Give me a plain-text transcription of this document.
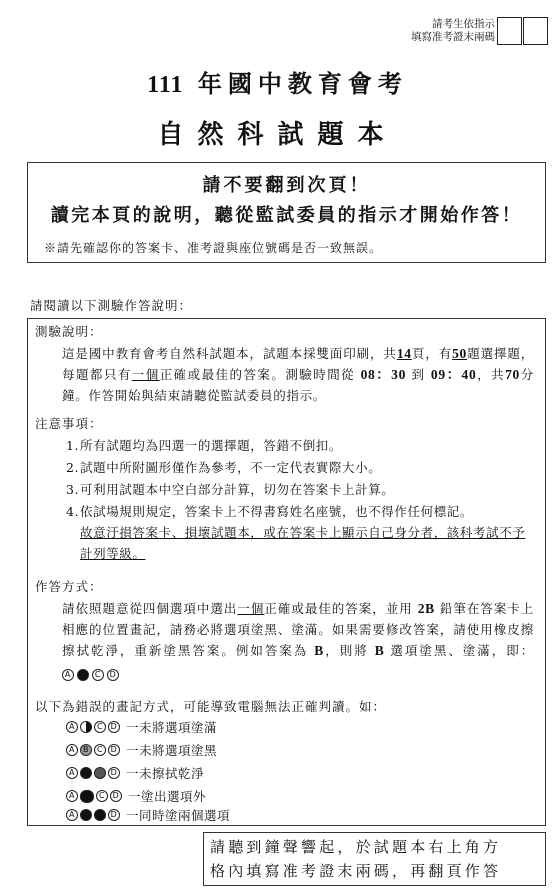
請考生依指示
填寫准考證末兩碼
111 年國中教育會考
自然科試題本
請不要翻到次頁！
讀完本頁的說明，聽從監試委員的指示才開始作答！
※請先確認你的答案卡、准考證與座位號碼是否一致無誤。
請閱讀以下測驗作答說明：
測驗說明：
這是國中教育會考自然科試題本，試題本採雙面印刷，共14頁，有50題選擇題，每題都只有一個正確或最佳的答案。測驗時間從 08：30 到 09：40，共70分鐘。作答開始與結束請聽從監試委員的指示。
注意事項：
1.所有試題均為四選一的選擇題，答錯不倒扣。
2.試題中所附圖形僅作為參考，不一定代表實際大小。
3.可利用試題本中空白部分計算，切勿在答案卡上計算。
4.依試場規則規定，答案卡上不得書寫姓名座號，也不得作任何標記。
故意汙損答案卡、損壞試題本，或在答案卡上顯示自己身分者，該科考試不予計列等級。
作答方式：
請依照題意從四個選項中選出一個正確或最佳的答案，並用 2B 鉛筆在答案卡上相應的位置畫記，請務必將選項塗黑、塗滿。如果需要修改答案，請使用橡皮擦擦拭乾淨，重新塗黑答案。例如答案為 B，則將 B 選項塗黑、塗滿，即：
A	C	D
以下為錯誤的畫記方式，可能導致電腦無法正確判讀。如：
A	C D 一未將選項塗滿
A	B C D 一未將選項塗黑
A	D 一未擦拭乾淨
A	C D 一塗出選項外
A	D 一同時塗兩個選項
請聽到鐘聲響起，於試題本右上角方
格內填寫准考證末兩碼，再翻頁作答
